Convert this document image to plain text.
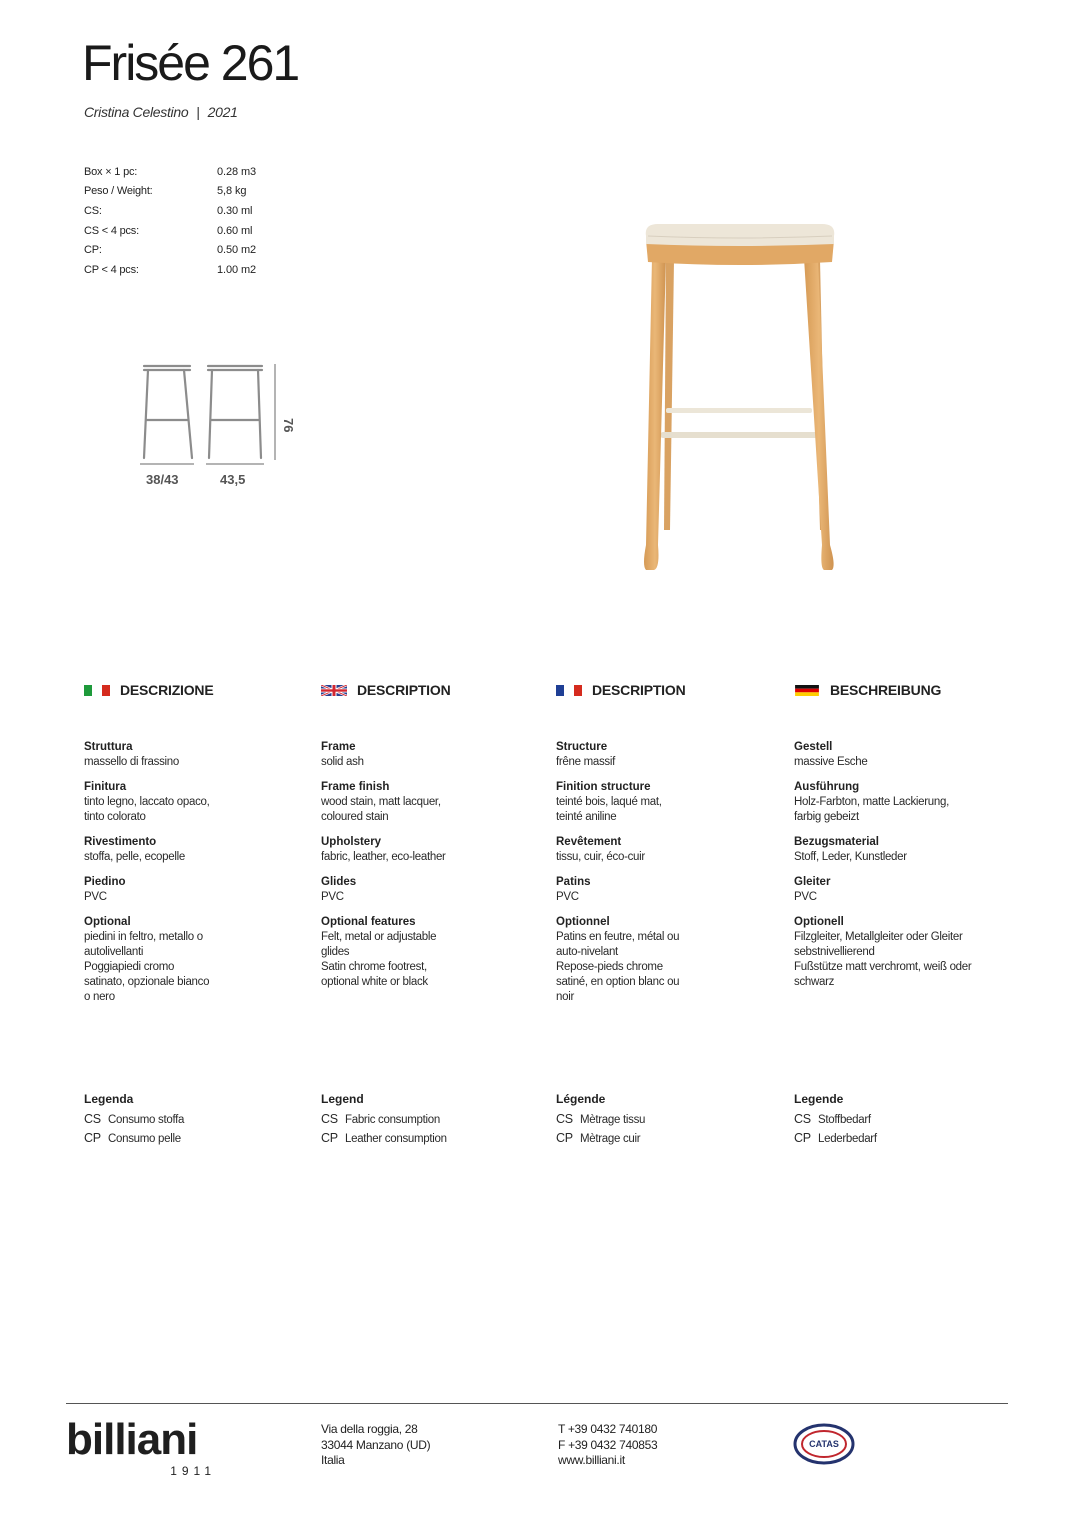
Frisée 261
Cristina Celestino | 2021
Box × 1 pc:	0.28 m3
Peso / Weight:	5,8 kg
CS:	0.30 ml
CS < 4 pcs:	0.60 ml
CP:	0.50 m2
CP < 4 pcs:	1.00 m2
38/43	43,5
76
DESCRIZIONE
Struttura
massello di frassino
Finitura
tinto legno, laccato opaco,
tinto colorato
Rivestimento
stoffa, pelle, ecopelle
Piedino
PVC
Optional
piedini in feltro, metallo o
autolivellanti
Poggiapiedi cromo
satinato, opzionale bianco
o nero
DESCRIPTION
Frame
solid ash
Frame finish
wood stain, matt lacquer,
coloured stain
Upholstery
fabric, leather, eco-leather
Glides
PVC
Optional features
Felt, metal or adjustable
glides
Satin chrome footrest,
optional white or black
DESCRIPTION
Structure
frêne massif
Finition structure
teinté bois, laqué mat,
teinté aniline
Revêtement
tissu, cuir, éco-cuir
Patins
PVC
Optionnel
Patins en feutre, métal ou
auto-nivelant
Repose-pieds chrome
satiné, en option blanc ou
noir
BESCHREIBUNG
Gestell
massive Esche
Ausführung
Holz-Farbton, matte Lackierung,
farbig gebeizt
Bezugsmaterial
Stoff, Leder, Kunstleder
Gleiter
PVC
Optionell
Filzgleiter, Metallgleiter oder Gleiter
sebstnivellierend
Fußstütze matt verchromt, weiß oder
schwarz
Legenda
CS Consumo stoffa
CP Consumo pelle
Legend
CS Fabric consumption
CP Leather consumption
Légende
CS Mètrage tissu
CP Mètrage cuir
Legende
CS Stoffbedarf
CP Lederbedarf
billiani
1911
Via della roggia, 28
33044 Manzano (UD)
Italia
T +39 0432 740180
F +39 0432 740853
www.billiani.it
CATAS
